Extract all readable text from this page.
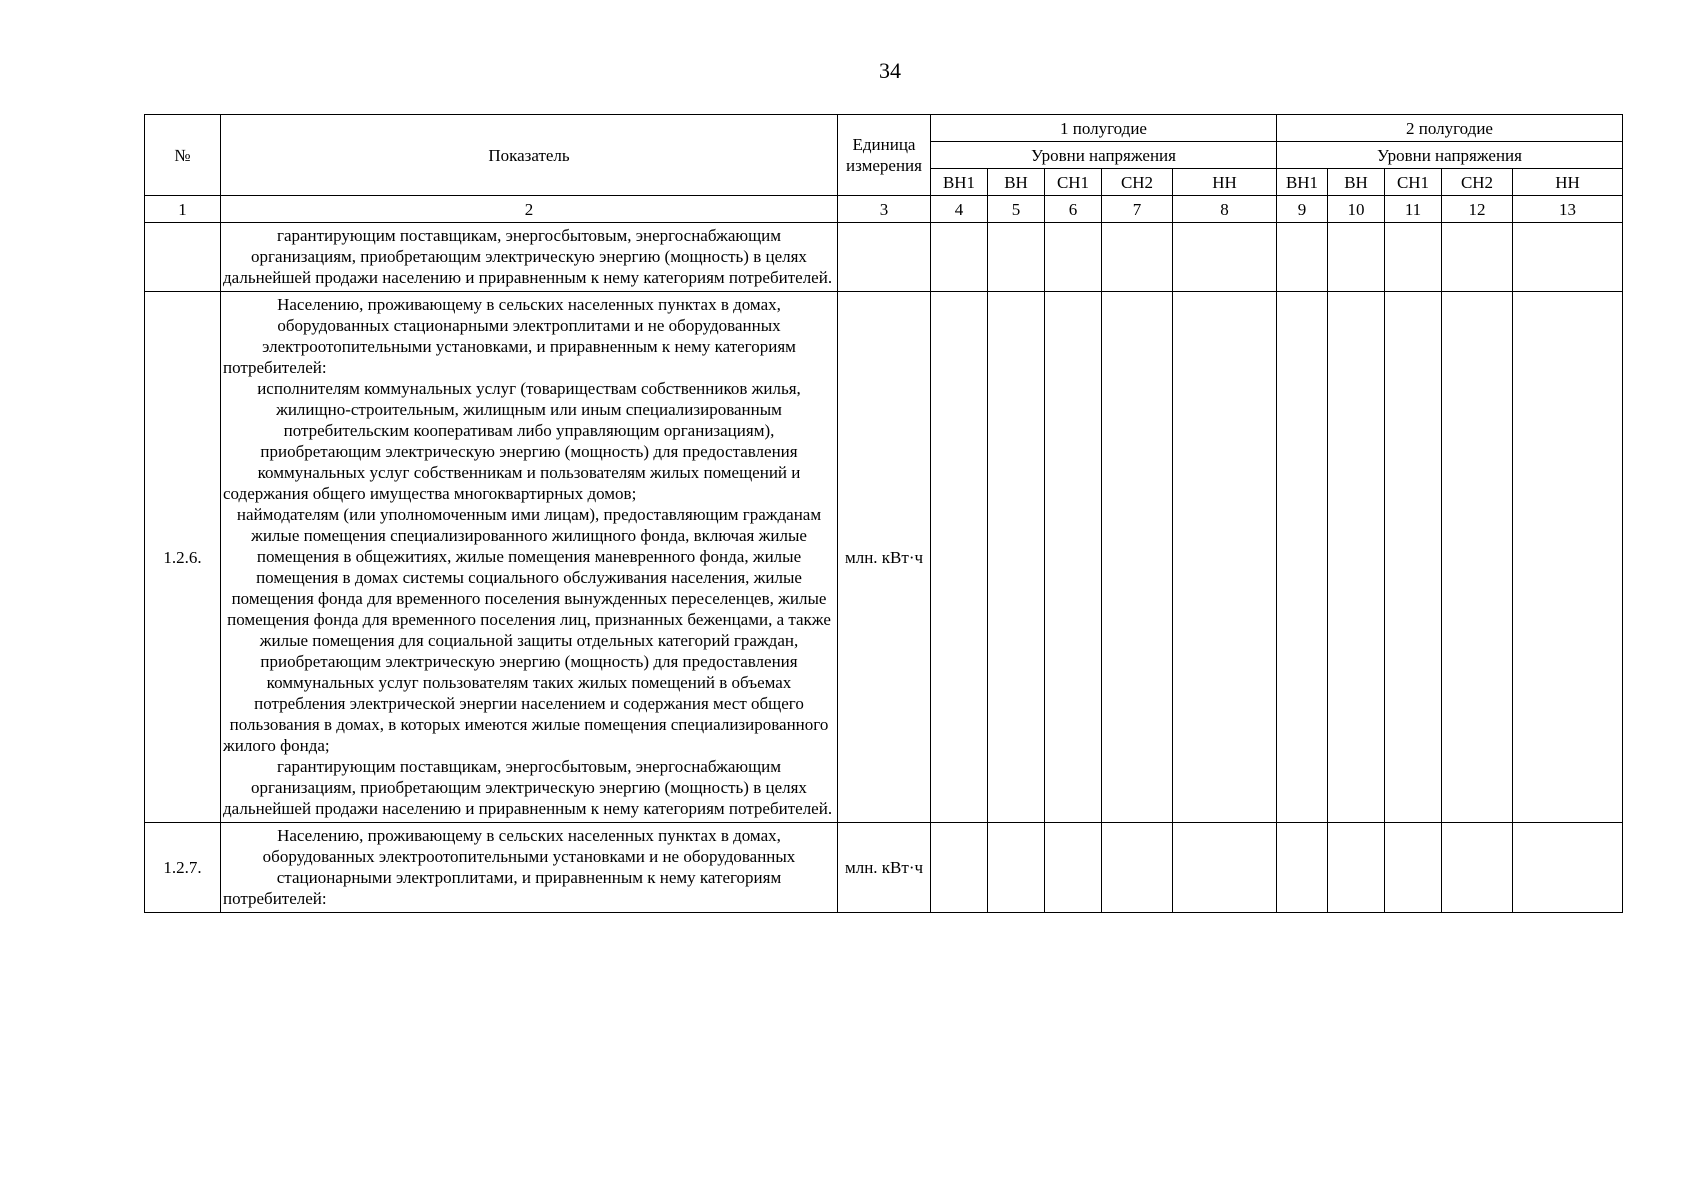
34
№	Показатель	Единица измерения	1 полугодие					2 полугодие				
			Уровни напряжения					Уровни напряжения				
			ВН1	ВН	СН1	СН2	НН	ВН1	ВН	СН1	СН2	НН
1	2	3	4	5	6	7	8	9	10	11	12	13

	гарантирующим поставщикам, энергосбытовым, энергоснабжающим организациям, приобретающим электрическую энергию (мощность) в целях дальнейшей продажи населению и приравненным к нему категориям потребителей.											

1.2.6.	Населению, проживающему в сельских населенных пунктах в домах, оборудованных стационарными электроплитами и не оборудованных электроотопительными установками, и приравненным к нему категориям потребителей:
исполнителям коммунальных услуг (товариществам собственников жилья, жилищно-строительным, жилищным или иным специализированным потребительским кооперативам либо управляющим организациям), приобретающим электрическую энергию (мощность) для предоставления коммунальных услуг собственникам и пользователям жилых помещений и содержания общего имущества многоквартирных домов;
наймодателям (или уполномоченным ими лицам), предоставляющим гражданам жилые помещения специализированного жилищного фонда, включая жилые помещения в общежитиях, жилые помещения маневренного фонда, жилые помещения в домах системы социального обслуживания населения, жилые помещения фонда для временного поселения вынужденных переселенцев, жилые помещения фонда для временного поселения лиц, признанных беженцами, а также жилые помещения для социальной защиты отдельных категорий граждан, приобретающим электрическую энергию (мощность) для предоставления коммунальных услуг пользователям таких жилых помещений в объемах потребления электрической энергии населением и содержания мест общего пользования в домах, в которых имеются жилые помещения специализированного жилого фонда;
гарантирующим поставщикам, энергосбытовым, энергоснабжающим организациям, приобретающим электрическую энергию (мощность) в целях дальнейшей продажи населению и приравненным к нему категориям потребителей.	млн. кВт·ч										
1.2.7.	Населению, проживающему в сельских населенных пунктах в домах, оборудованных электроотопительными установками и не оборудованных стационарными электроплитами, и приравненным к нему категориям потребителей:	млн. кВт·ч										
